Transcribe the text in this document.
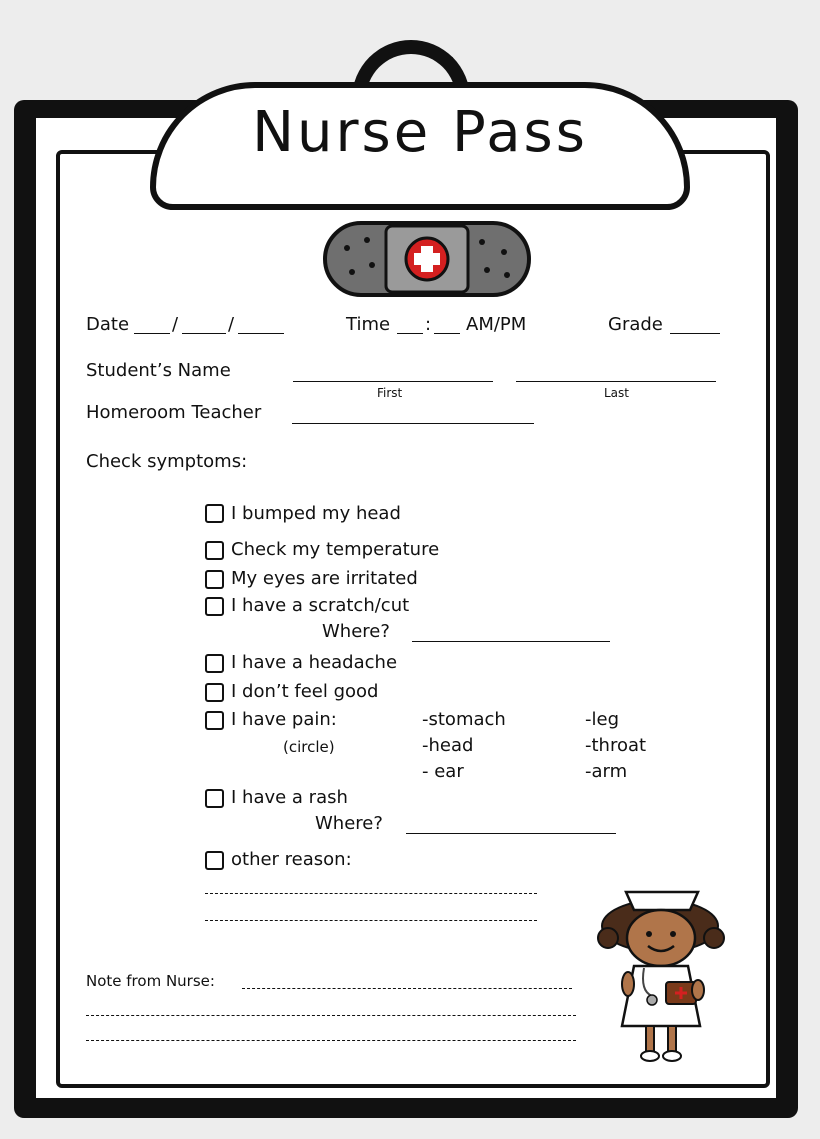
Nurse Pass
Date /	/	Time : AM/PM	Grade
Student’s Name
First	Last
Homeroom Teacher
Check symptoms:
I bumped my head
Check my temperature
My eyes are irritated
I have a scratch/cut
Where?
I have a headache
I don’t feel good
I have pain:
(circle)
-stomach	-leg
-head	-throat
- ear	-arm
I have a rash
Where?
other reason:
Note from Nurse:
